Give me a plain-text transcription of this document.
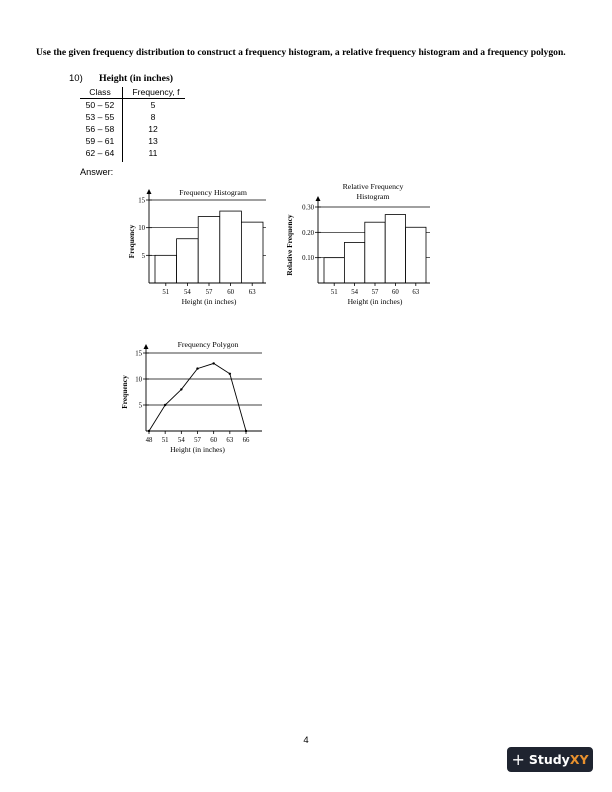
Use the given frequency distribution to construct a frequency histogram, a relative frequency histogram and a frequency polygon.
10) Height (in inches)
Class	Frequency, f
50 – 52	5
53 – 55	8
56 – 58	12
59 – 61	13
62 – 64	11
Answer:
5
10
15
51 54 57 60 63
Frequency Histogram
Height (in inches)
Frequency
0.10
0.20
0.30
51 54 57 60 63
Relative Frequency
Histogram
Height (in inches)
Relative Frequency
5
10
15
48 51 54 57 60 63 66
Frequency Polygon
Height (in inches)
Frequency
4
+ StudyXY
